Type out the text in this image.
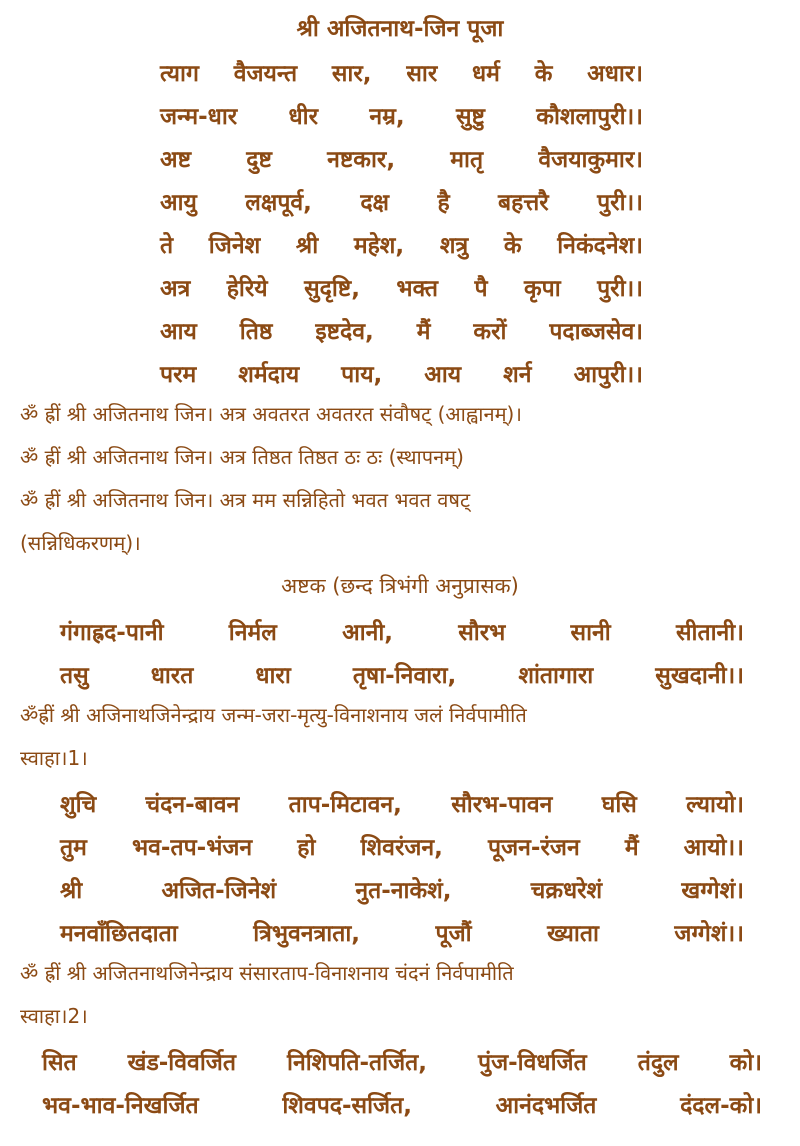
श्री अजितनाथ-जिन पूजा
त्याग वैजयन्त सार, सार धर्म के अधार।
जन्म-धार धीर नम्र, सुष्टु कौशलापुरी।।
अष्ट दुष्ट नष्टकार, मातृ वैजयाकुमार।
आयु लक्षपूर्व, दक्ष है बहत्तरै पुरी।।
ते जिनेश श्री महेश, शत्रु के निकंदनेश।
अत्र हेरिये सुदृष्टि, भक्त पै कृपा पुरी।।
आय तिष्ठ इष्टदेव, मैं करों पदाब्जसेव।
परम शर्मदाय पाय, आय शर्न आपुरी।।
ॐ ह्रीं श्री अजितनाथ जिन। अत्र अवतरत अवतरत संवौषट् (आह्वानम्)।
ॐ ह्रीं श्री अजितनाथ जिन। अत्र तिष्ठत तिष्ठत ठः ठः (स्थापनम्)
ॐ ह्रीं श्री अजितनाथ जिन। अत्र मम सन्निहितो भवत भवत वषट्
(सन्निधिकरणम्)।
अष्टक (छन्द त्रिभंगी अनुप्रासक)
गंगाह्रद-पानी	निर्मल	आनी,	सौरभ	सानी	सीतानी।
तसु	धारत	धारा	तृषा-निवारा,	शांतागारा	सुखदानी।।
ॐह्रीं श्री अजिनाथजिनेन्द्राय जन्म-जरा-मृत्यु-विनाशनाय जलं निर्वपामीति
स्वाहा।1।
शुचि चंदन-बावन ताप-मिटावन, सौरभ-पावन घसि ल्यायो।
तुम भव-तप-भंजन हो शिवरंजन, पूजन-रंजन मैं आयो।।
श्री	अजित-जिनेशं	नुत-नाकेशं,	चक्रधरेशं	खग्गेशं।
मनवाँछितदाता	त्रिभुवनत्राता,	पूजौं	ख्याता	जग्गेशं।।
ॐ ह्रीं श्री अजितनाथजिनेन्द्राय संसारताप-विनाशनाय चंदनं निर्वपामीति
स्वाहा।2।
सित खंड-विवर्जित निशिपति-तर्जित, पुंज-विधर्जित तंदुल को।
भव-भाव-निखर्जित	शिवपद-सर्जित,	आनंदभर्जित	दंदल-को।
